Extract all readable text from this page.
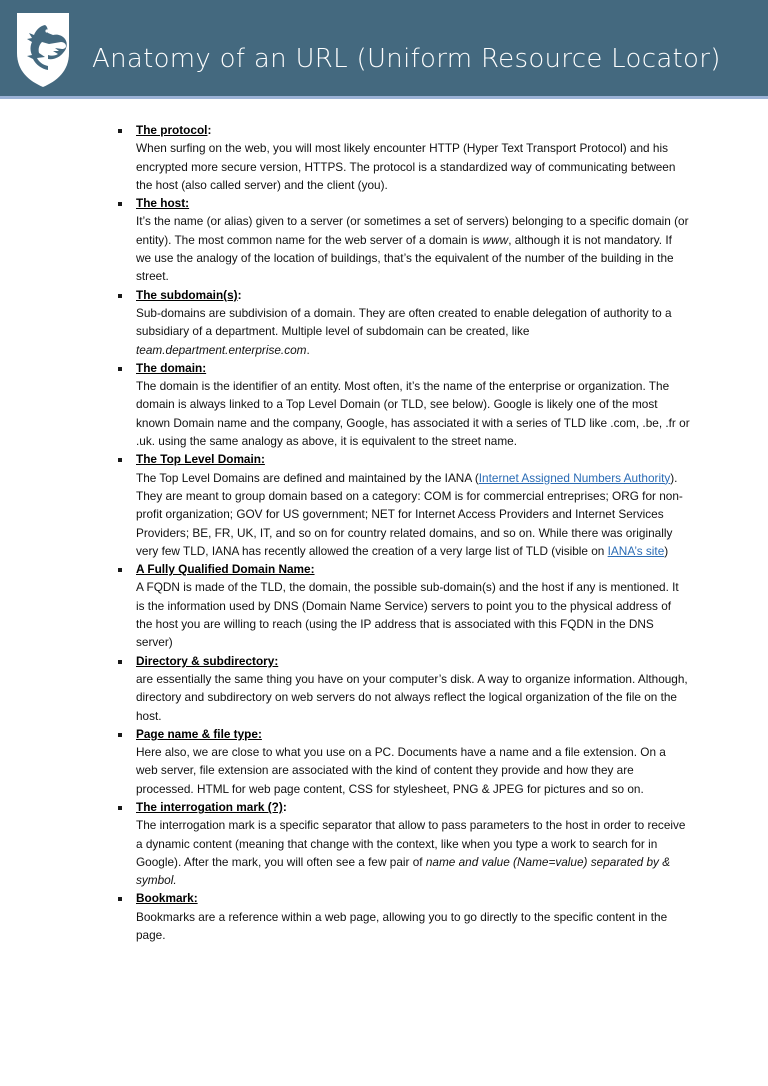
Anatomy of an URL (Uniform Resource Locator)
The protocol:
When surfing on the web, you will most likely encounter HTTP (Hyper Text Transport Protocol) and his encrypted more secure version, HTTPS. The protocol is a standardized way of communicating between the host (also called server) and the client (you).
The host:
It’s the name (or alias) given to a server (or sometimes a set of servers) belonging to a specific domain (or entity). The most common name for the web server of a domain is www, although it is not mandatory. If we use the analogy of the location of buildings, that’s the equivalent of the number of the building in the street.
The subdomain(s):
Sub-domains are subdivision of a domain. They are often created to enable delegation of authority to a subsidiary of a department. Multiple level of subdomain can be created, like team.department.enterprise.com.
The domain:
The domain is the identifier of an entity. Most often, it’s the name of the enterprise or organization. The domain is always linked to a Top Level Domain (or TLD, see below). Google is likely one of the most known Domain name and the company, Google, has associated it with a series of TLD like .com, .be, .fr or .uk. using the same analogy as above, it is equivalent to the street name.
The Top Level Domain:
The Top Level Domains are defined and maintained by the IANA (Internet Assigned Numbers Authority). They are meant to group domain based on a category: COM is for commercial entreprises; ORG for non-profit organization; GOV for US government; NET for Internet Access Providers and Internet Services Providers; BE, FR, UK, IT, and so on for country related domains, and so on. While there was originally very few TLD, IANA has recently allowed the creation of a very large list of TLD (visible on IANA’s site)
A Fully Qualified Domain Name:
A FQDN is made of the TLD, the domain, the possible sub-domain(s) and the host if any is mentioned. It is the information used by DNS (Domain Name Service) servers to point you to the physical address of the host you are willing to reach (using the IP address that is associated with this FQDN in the DNS server)
Directory & subdirectory:
are essentially the same thing you have on your computer’s disk. A way to organize information. Although, directory and subdirectory on web servers do not always reflect the logical organization of the file on the host.
Page name & file type:
Here also, we are close to what you use on a PC. Documents have a name and a file extension. On a web server, file extension are associated with the kind of content they provide and how they are processed. HTML for web page content, CSS for stylesheet, PNG & JPEG for pictures and so on.
The interrogation mark (?):
The interrogation mark is a specific separator that allow to pass parameters to the host in order to receive a dynamic content (meaning that change with the context, like when you type a work to search for in Google). After the mark, you will often see a few pair of name and value (Name=value) separated by & symbol.
Bookmark:
Bookmarks are a reference within a web page, allowing you to go directly to the specific content in the page.
